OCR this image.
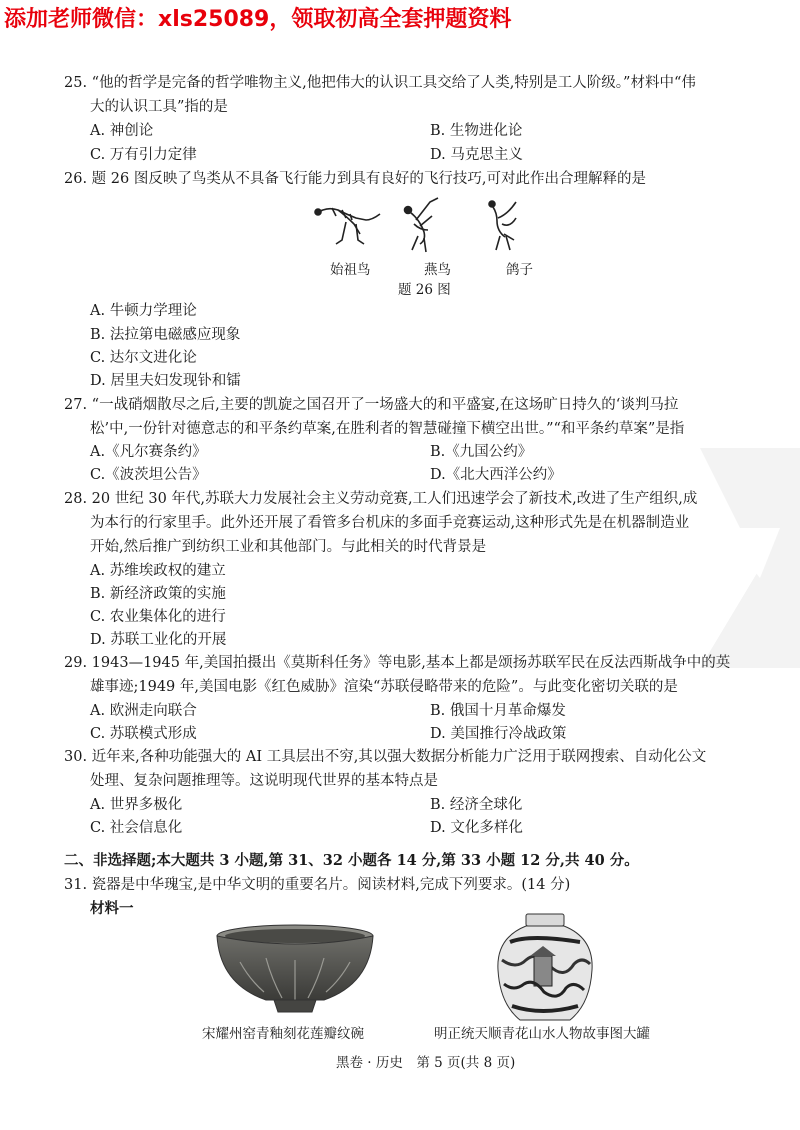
添加老师微信：xls25089，领取初高全套押题资料
25. “他的哲学是完备的哲学唯物主义,他把伟大的认识工具交给了人类,特别是工人阶级。”材料中“伟
大的认识工具”指的是
A. 神创论	B. 生物进化论
C. 万有引力定律	D. 马克思主义
26. 题 26 图反映了鸟类从不具备飞行能力到具有良好的飞行技巧,可对此作出合理解释的是
始祖鸟	燕鸟	鸽子
题 26 图
A. 牛顿力学理论
B. 法拉第电磁感应现象
C. 达尔文进化论
D. 居里夫妇发现钋和镭
27. “一战硝烟散尽之后,主要的凯旋之国召开了一场盛大的和平盛宴,在这场旷日持久的‘谈判马拉
松’中,一份针对德意志的和平条约草案,在胜利者的智慧碰撞下横空出世。”“和平条约草案”是指
A.《凡尔赛条约》	B.《九国公约》
C.《波茨坦公告》	D.《北大西洋公约》
28. 20 世纪 30 年代,苏联大力发展社会主义劳动竞赛,工人们迅速学会了新技术,改进了生产组织,成
为本行的行家里手。此外还开展了看管多台机床的多面手竞赛运动,这种形式先是在机器制造业
开始,然后推广到纺织工业和其他部门。与此相关的时代背景是
A. 苏维埃政权的建立
B. 新经济政策的实施
C. 农业集体化的进行
D. 苏联工业化的开展
29. 1943—1945 年,美国拍摄出《莫斯科任务》等电影,基本上都是颂扬苏联军民在反法西斯战争中的英
雄事迹;1949 年,美国电影《红色威胁》渲染“苏联侵略带来的危险”。与此变化密切关联的是
A. 欧洲走向联合	B. 俄国十月革命爆发
C. 苏联模式形成	D. 美国推行冷战政策
30. 近年来,各种功能强大的 AI 工具层出不穷,其以强大数据分析能力广泛用于联网搜索、自动化公文
处理、复杂问题推理等。这说明现代世界的基本特点是
A. 世界多极化	B. 经济全球化
C. 社会信息化	D. 文化多样化
二、非选择题;本大题共 3 小题,第 31、32 小题各 14 分,第 33 小题 12 分,共 40 分。
31. 瓷器是中华瑰宝,是中华文明的重要名片。阅读材料,完成下列要求。(14 分)
材料一
宋耀州窑青釉刻花莲瓣纹碗	明正统天顺青花山水人物故事图大罐
黑卷 · 历史　第 5 页(共 8 页)
